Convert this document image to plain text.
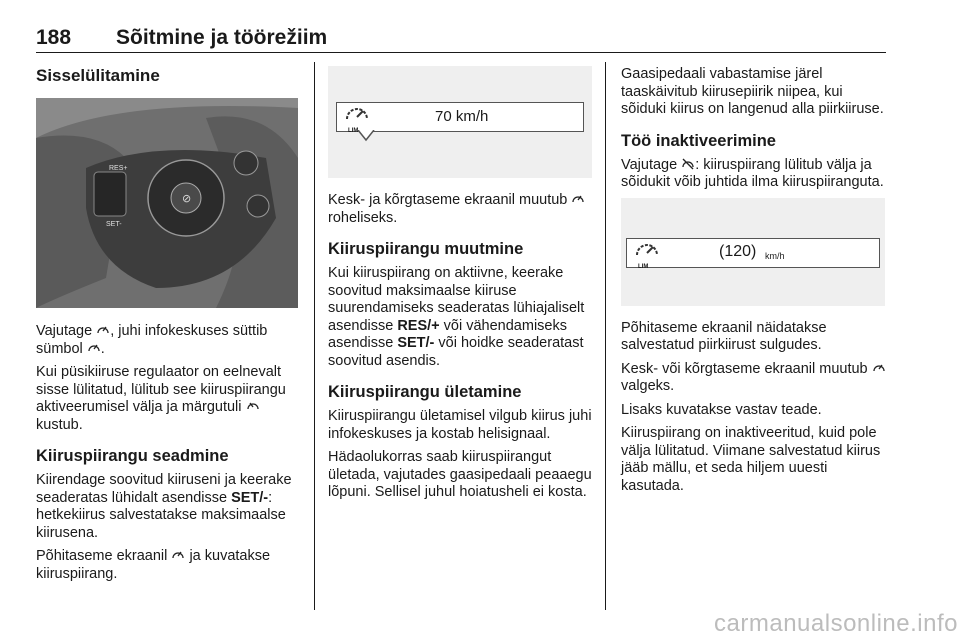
188 Sõitmine ja töörežiim
Sisselülitamine
RES+
SET-
⊘

Vajutage , juhi infokeskuses süttib sümbol .

Kui püsikiiruse regulaator on eelnevalt sisse lülitatud, lülitub see kiiruspiirangu aktiveerumisel välja ja märgutuli  kustub.

Kiiruspiirangu seadmine

Kiirendage soovitud kiiruseni ja keerake seaderatas lühidalt asendisse SET/-: hetkekiirus salvestatakse maksimaalse kiirusena.

Põhitaseme ekraanil ja kuvatakse kiiruspiirang.

LIM
70 km/h

Kesk- ja kõrgtaseme ekraanil muutub  roheliseks.

Kiiruspiirangu muutmine

Kui kiiruspiirang on aktiivne, keerake soovitud maksimaalse kiiruse suurendamiseks seaderatas lühiajaliselt asendisse RES/+ või vähendamiseks asendisse SET/- või hoidke seaderatast soovitud asendis.

Kiiruspiirangu ületamine

Kiiruspiirangu ületamisel vilgub kiirus juhi infokeskuses ja kostab helisignaal.

Hädaolukorras saab kiiruspiirangut ületada, vajutades gaasipedaali peaaegu lõpuni. Sellisel juhul hoiatusheli ei kosta.

Gaasipedaali vabastamise järel taaskäivitub kiirusepiirik niipea, kui sõiduki kiirus on langenud alla piirkiiruse.

Töö inaktiveerimine

Vajutage : kiiruspiirang lülitub välja ja sõidukit võib juhtida ilma kiiruspiiranguta.

LIM
(120) km/h

Põhitaseme ekraanil näidatakse salvestatud piirkiirust sulgudes.

Kesk- või kõrgtaseme ekraanil muutub  valgeks.

Lisaks kuvatakse vastav teade.

Kiiruspiirang on inaktiveeritud, kuid pole välja lülitatud. Viimane salvestatud kiirus jääb mällu, et seda hiljem uuesti kasutada.

carmanualsonline.info
